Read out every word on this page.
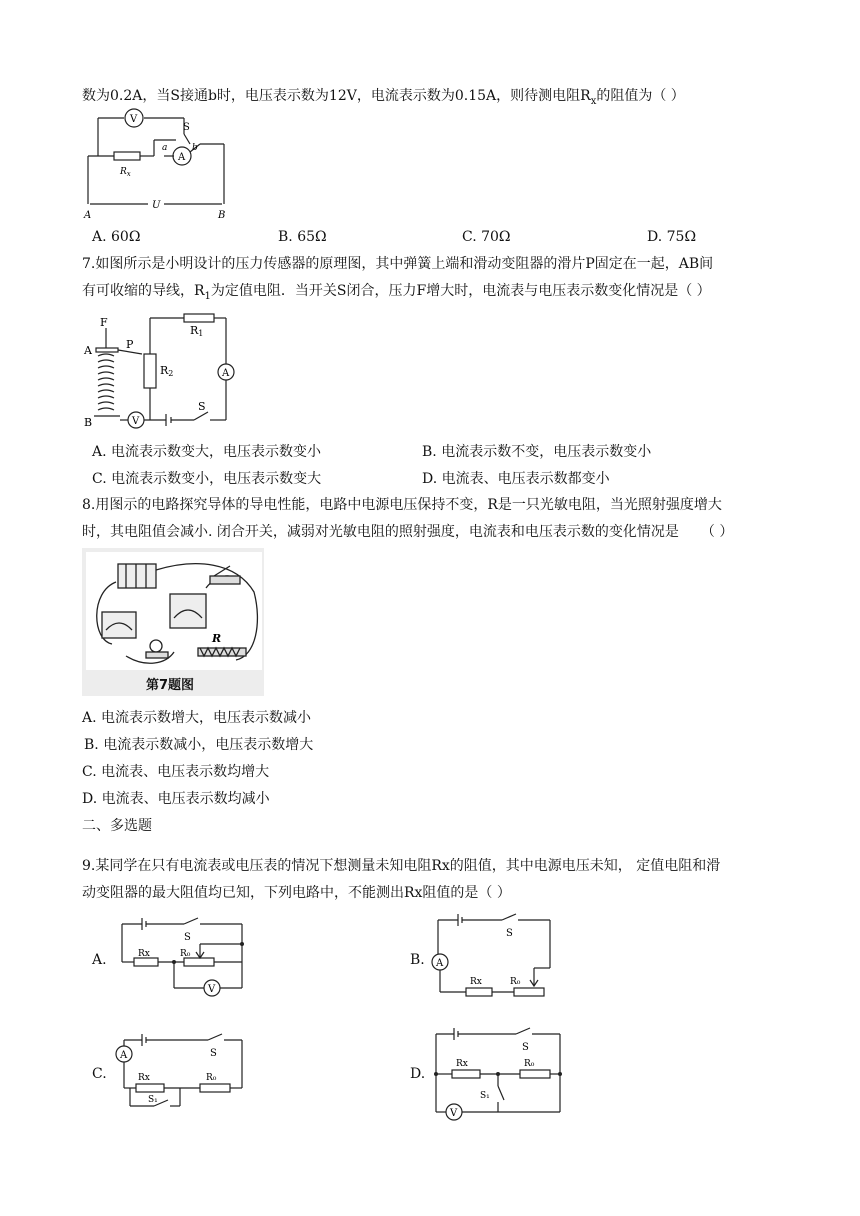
数为0.2A，当S接通b时，电压表示数为12V，电流表示数为0.15A，则待测电阻$R_x$的阻值为（ ）
V
A
S
a	b
$R_x$
U
A	B
A. 60Ω	B. 65Ω	C. 70Ω	D. 75Ω
7.如图所示是小明设计的压力传感器的原理图，其中弹簧上端和滑动变阻器的滑片P固定在一起，AB间
有可收缩的导线，$R_1$为定值电阻．当开关S闭合，压力F增大时，电流表与电压表示数变化情况是（ ）
F
A	P
B
R1
R2	A
V
S
A. 电流表示数变大，电压表示数变小	B. 电流表示数不变，电压表示数变小
C. 电流表示数变小，电压表示数变大	D. 电流表、电压表示数都变小
8.用图示的电路探究导体的导电性能，电路中电源电压保持不变，R是一只光敏电阻，当光照射强度增大
时，其电阻值会减小. 闭合开关，减弱对光敏电阻的照射强度，电流表和电压表示数的变化情况是 （ ）
R
第7题图
A. 电流表示数增大，电压表示数减小
B. 电流表示数减小，电压表示数增大
C. 电流表、电压表示数均增大
D. 电流表、电压表示数均减小
二、多选题
9.某同学在只有电流表或电压表的情况下想测量未知电阻Rx的阻值，其中电源电压未知， 定值电阻和滑
动变阻器的最大阻值均已知，下列电路中，不能测出Rx阻值的是（ ）
A.
S
Rx	R₀
V
B. A
S
Rx	R₀
C.
A	S
Rx	R₀
S₁
D.
S
Rx	R₀
S₁
V
